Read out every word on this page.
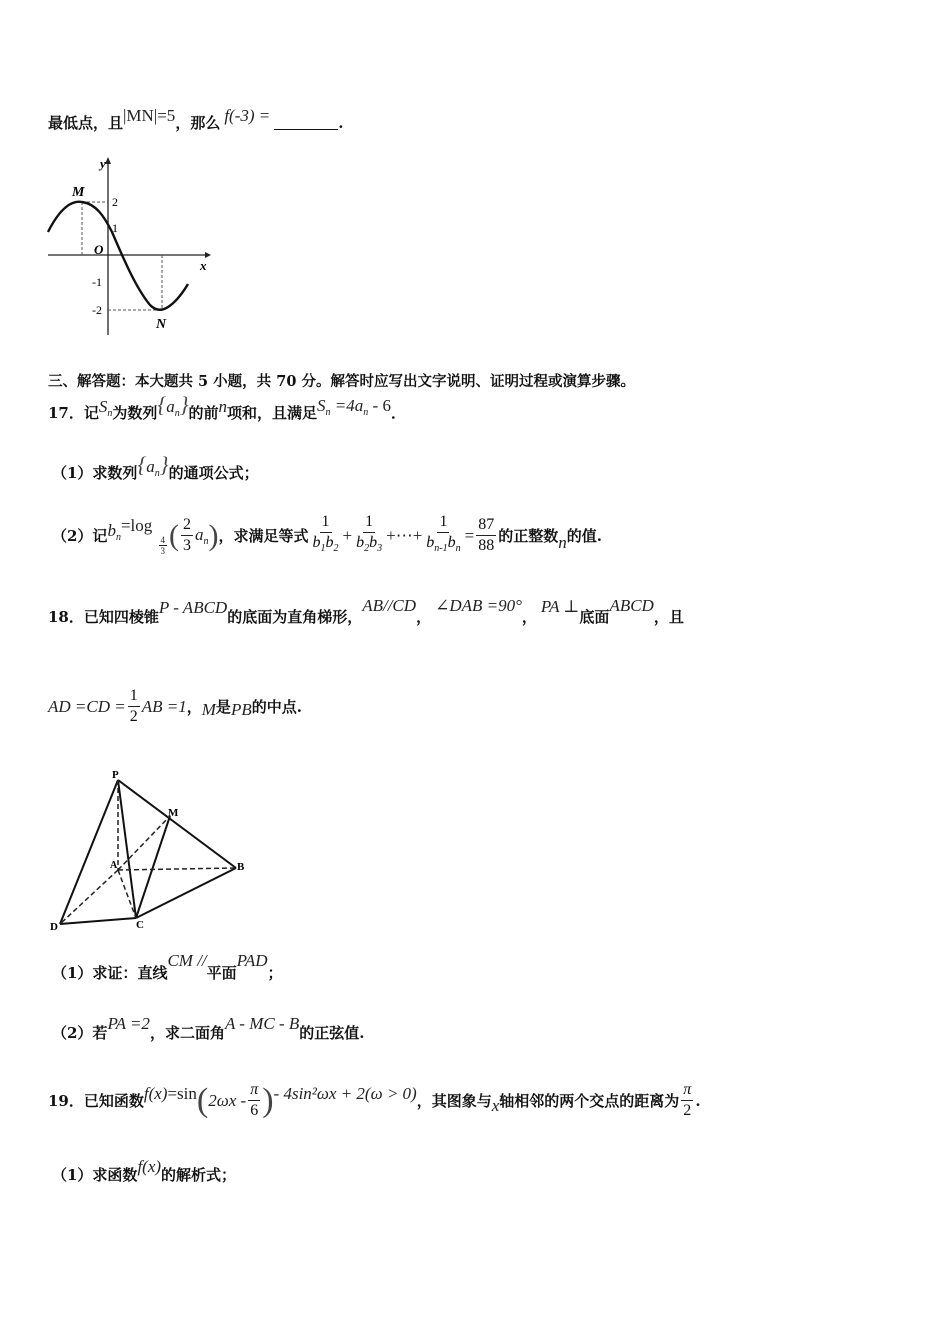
最低点，且 |MN|=5 ，那么 f(-3) =	.
y
x
O
M
N
2
1
-1
-2
三、解答题：本大题共 5 小题，共 70 分。解答时应写出文字说明、证明过程或演算步骤。
17．记 $S_n$ 为数列 $\{a_n\}$ 的前 n 项和，且满足 $S_n =4a_n - 6$ ．
（1）求数列 $\{a_n\}$ 的通项公式；
（2）记 $b_n$
=log
$\frac{4}{3}$ ( $\frac{2}{3} a_n$ ) ，求满足等式 $\frac{1}{b_1b_2} + \frac{1}{b_2b_3}$ +⋯+ $\frac{1}{b_{n-1}b_n} = \frac{87}{88}$ 的正整数 n 的值.
18．已知四棱锥
P - ABCD
的底面为直角梯形，
AB//CD
，
∠DAB =90°
，
PA ⊥
底面
ABCD
，且
AD $=CD = \frac{1}{2}$ AB =1 ， M 是 PB 的中点.
P
M
A	B
C
D
（1）求证：直线
CM //
平面
PAD
；
（2）若
PA =2
，求二面角
A - MC - B
的正弦值.
19．已知函数 f(x) =sin ( $2\omega x - \frac{\pi}{6}$ ) - 4sin²ωx + 2(ω > 0) ，其图象与 x 轴相邻的两个交点的距离为 $\frac{\pi}{2}$ .
（1）求函数 f(x) 的解析式；
